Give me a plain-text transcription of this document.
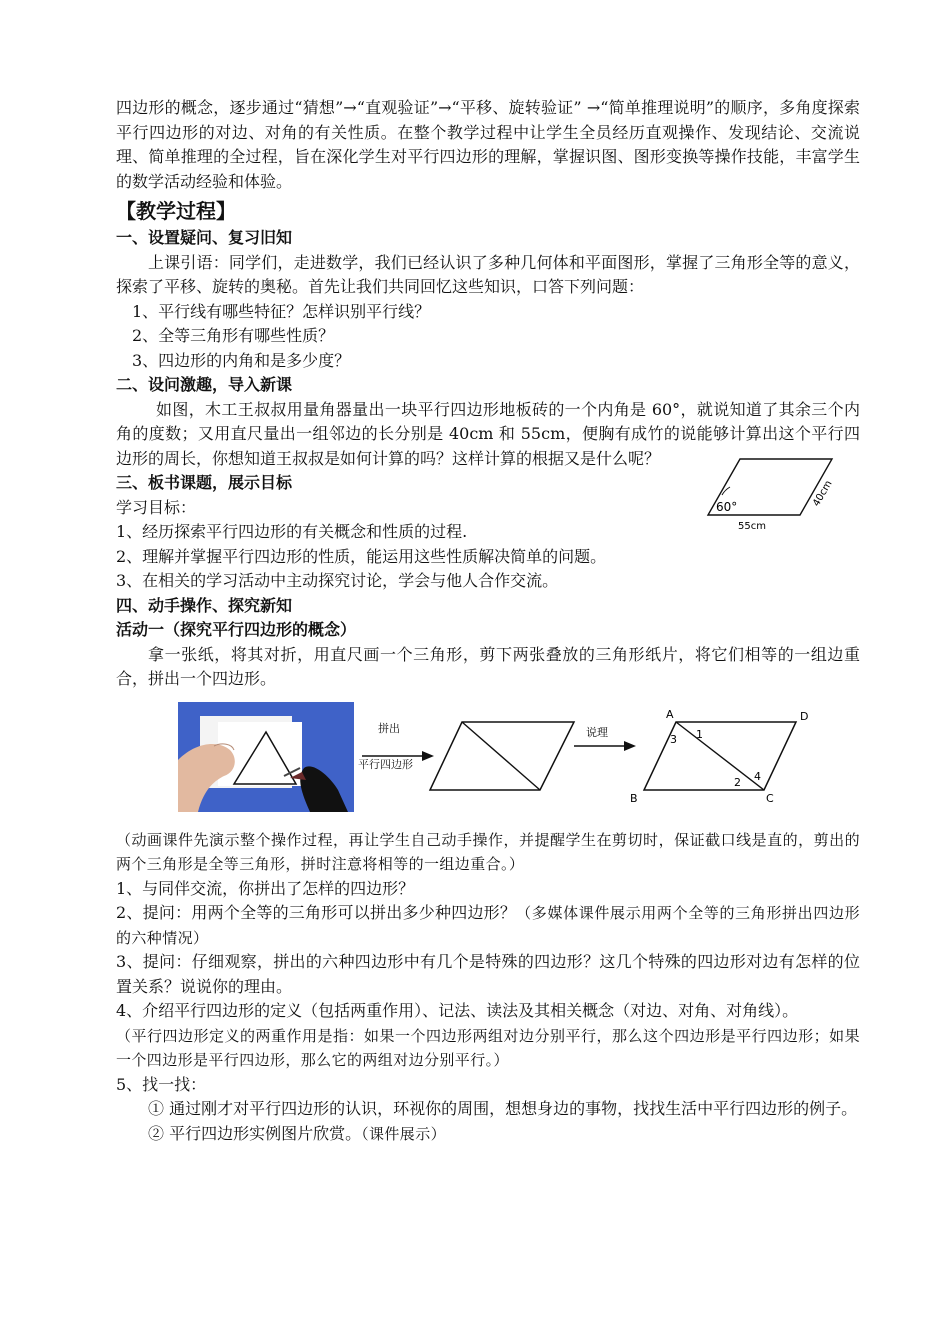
四边形的概念，逐步通过“猜想”→“直观验证”→“平移、旋转验证” →“简单推理说明”的顺序，多角度探索平行四边形的对边、对角的有关性质。在整个教学过程中让学生全员经历直观操作、发现结论、交流说理、简单推理的全过程，旨在深化学生对平行四边形的理解，掌握识图、图形变换等操作技能，丰富学生的数学活动经验和体验。

【教学过程】

一、设置疑问、复习旧知

上课引语：同学们，走进数学，我们已经认识了多种几何体和平面图形，掌握了三角形全等的意义，探索了平移、旋转的奥秘。首先让我们共同回忆这些知识，口答下列问题：

1、平行线有哪些特征？怎样识别平行线？

2、全等三角形有哪些性质？

3、四边形的内角和是多少度？

二、设问激趣，导入新课

如图，木工王叔叔用量角器量出一块平行四边形地板砖的一个内角是 60°，就说知道了其余三个内角的度数；又用直尺量出一组邻边的长分别是 40cm 和 55cm，便胸有成竹的说能够计算出这个平行四边形的周长，你想知道王叔叔是如何计算的吗？这样计算的根据又是什么呢？

三、板书课题，展示目标

学习目标：

1、经历探索平行四边形的有关概念和性质的过程.

2、理解并掌握平行四边形的性质，能运用这些性质解决简单的问题。

3、在相关的学习活动中主动探究讨论，学会与他人合作交流。

60°
55cm
40cm

四、动手操作、探究新知

活动一（探究平行四边形的概念）

拿一张纸，将其对折，用直尺画一个三角形，剪下两张叠放的三角形纸片，将它们相等的一组边重合，拼出一个四边形。

拼出
平行四边形
说理
A	D
B	C
1
2
3
4

（动画课件先演示整个操作过程，再让学生自己动手操作，并提醒学生在剪切时，保证截口线是直的，剪出的两个三角形是全等三角形，拼时注意将相等的一组边重合。）

1、与同伴交流，你拼出了怎样的四边形？

2、提问：用两个全等的三角形可以拼出多少种四边形？（多媒体课件展示用两个全等的三角形拼出四边形的六种情况）

3、提问：仔细观察，拼出的六种四边形中有几个是特殊的四边形？这几个特殊的四边形对边有怎样的位置关系？说说你的理由。

4、介绍平行四边形的定义（包括两重作用）、记法、读法及其相关概念（对边、对角、对角线）。

（平行四边形定义的两重作用是指：如果一个四边形两组对边分别平行，那么这个四边形是平行四边形；如果一个四边形是平行四边形，那么它的两组对边分别平行。）

5、找一找：

① 通过刚才对平行四边形的认识，环视你的周围，想想身边的事物，找找生活中平行四边形的例子。

② 平行四边形实例图片欣赏。（课件展示）
